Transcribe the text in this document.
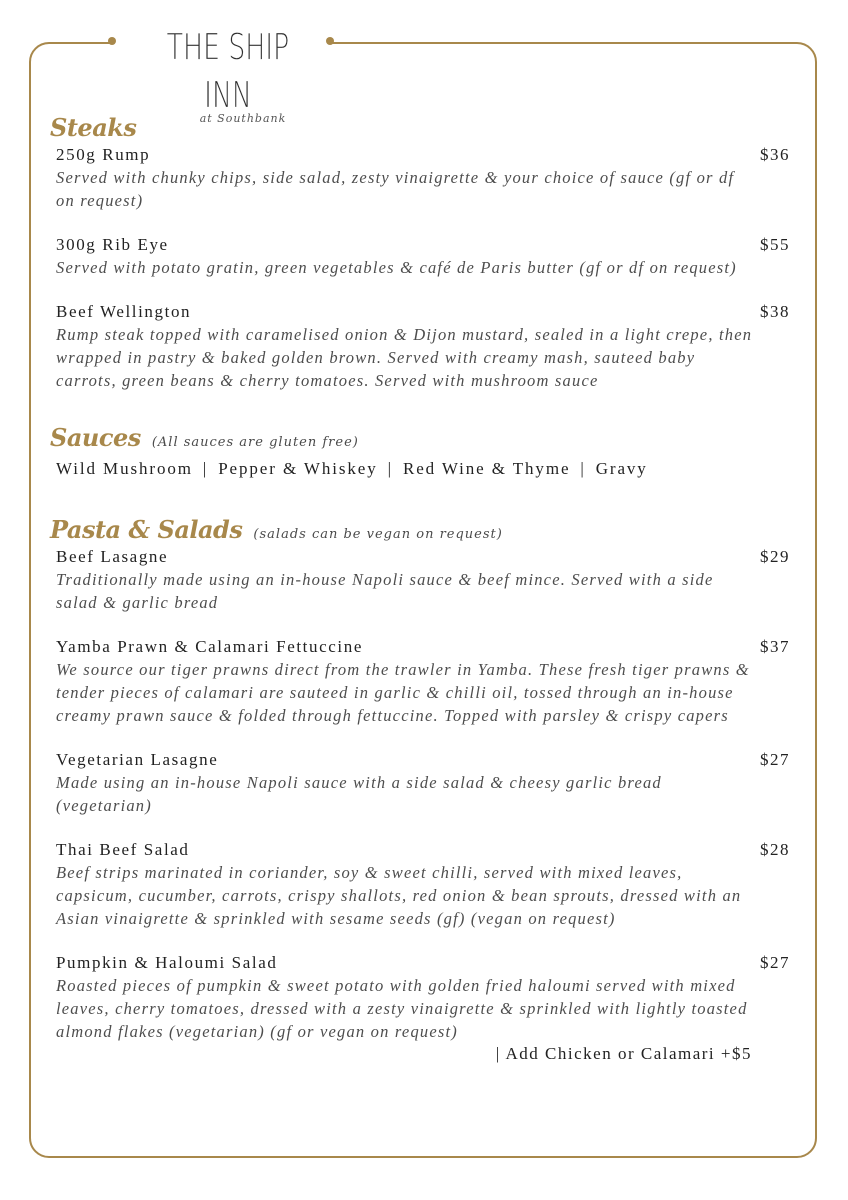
THE SHIP INN
at Southbank
Steaks
250g Rump	$36
Served with chunky chips, side salad, zesty vinaigrette & your choice of sauce (gf or df on request)
300g Rib Eye	$55
Served with potato gratin, green vegetables & café de Paris butter (gf or df on request)
Beef Wellington	$38
Rump steak topped with caramelised onion & Dijon mustard, sealed in a light crepe, then wrapped in pastry & baked golden brown. Served with creamy mash, sauteed baby carrots, green beans & cherry tomatoes. Served with mushroom sauce
Sauces (All sauces are gluten free)
Wild Mushroom | Pepper & Whiskey | Red Wine & Thyme | Gravy
Pasta & Salads (salads can be vegan on request)
Beef Lasagne	$29
Traditionally made using an in-house Napoli sauce & beef mince. Served with a side salad & garlic bread
Yamba Prawn & Calamari Fettuccine	$37
We source our tiger prawns direct from the trawler in Yamba. These fresh tiger prawns & tender pieces of calamari are sauteed in garlic & chilli oil, tossed through an in-house creamy prawn sauce & folded through fettuccine. Topped with parsley & crispy capers
Vegetarian Lasagne	$27
Made using an in-house Napoli sauce with a side salad & cheesy garlic bread (vegetarian)
Thai Beef Salad	$28
Beef strips marinated in coriander, soy & sweet chilli, served with mixed leaves, capsicum, cucumber, carrots, crispy shallots, red onion & bean sprouts, dressed with an Asian vinaigrette & sprinkled with sesame seeds (gf) (vegan on request)
Pumpkin & Haloumi Salad	$27
Roasted pieces of pumpkin & sweet potato with golden fried haloumi served with mixed leaves, cherry tomatoes, dressed with a zesty vinaigrette & sprinkled with lightly toasted almond flakes (vegetarian) (gf or vegan on request)
| Add Chicken or Calamari +$5
